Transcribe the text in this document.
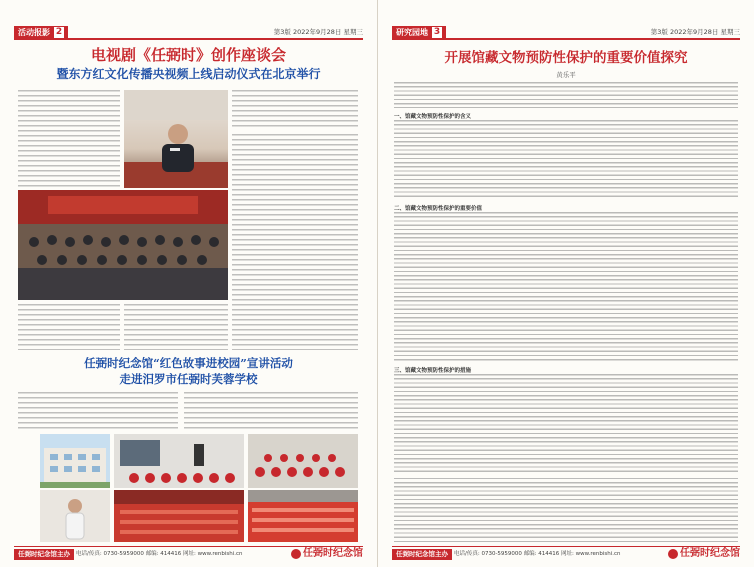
活动报影 2	第3版 2022年9月28日 星期三
电视剧《任弼时》创作座谈会
暨东方红文化传播央视频上线启动仪式在北京举行
任弼时纪念馆“红色故事进校园”宣讲活动
走进汨罗市任弼时芙蓉学校
任弼时纪念馆主办	电话/传真: 0730-5959000 邮编: 414416 网址: www.renbishi.cn	任弼时纪念馆
研究园地 3	第3版 2022年9月28日 星期三
开展馆藏文物预防性保护的重要价值探究
黄乐平
一、馆藏文物预防性保护的含义
二、馆藏文物预防性保护的重要价值
三、馆藏文物预防性保护的措施
任弼时纪念馆主办	电话/传真: 0730-5959000 邮编: 414416 网址: www.renbishi.cn	任弼时纪念馆
